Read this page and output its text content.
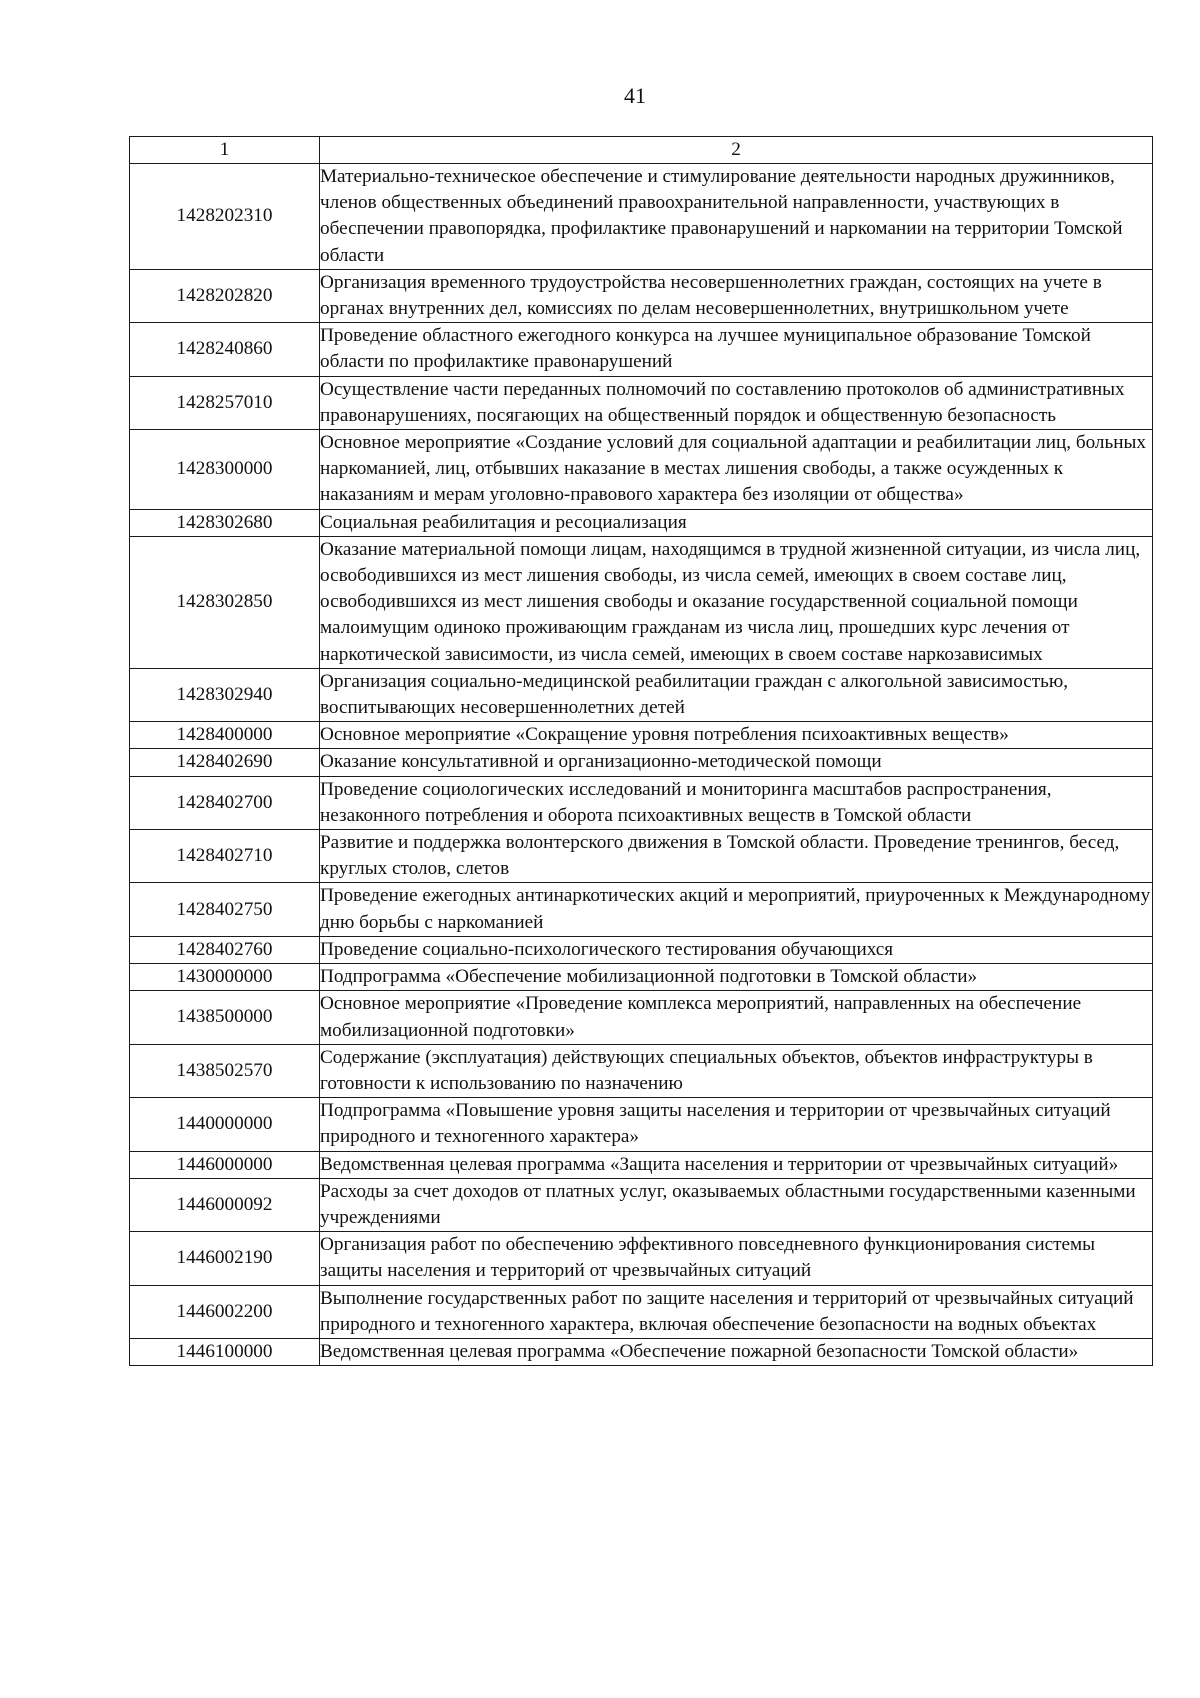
41
1	2
1428202310	Материально-техническое обеспечение и стимулирование деятельности народных дружинников, членов общественных объединений правоохранительной направленности, участвующих в обеспечении правопорядка, профилактике правонарушений и наркомании на территории Томской области
1428202820	Организация временного трудоустройства несовершеннолетних граждан, состоящих на учете в органах внутренних дел, комиссиях по делам несовершеннолетних, внутришкольном учете
1428240860	Проведение областного ежегодного конкурса на лучшее муниципальное образование Томской области по профилактике правонарушений
1428257010	Осуществление части переданных полномочий по составлению протоколов об административных правонарушениях, посягающих на общественный порядок и общественную безопасность
1428300000	Основное мероприятие «Создание условий для социальной адаптации и реабилитации лиц, больных наркоманией, лиц, отбывших наказание в местах лишения свободы, а также осужденных к наказаниям и мерам уголовно-правового характера без изоляции от общества»
1428302680	Социальная реабилитация и ресоциализация
1428302850	Оказание материальной помощи лицам, находящимся в трудной жизненной ситуации, из числа лиц, освободившихся из мест лишения свободы, из числа семей, имеющих в своем составе лиц, освободившихся из мест лишения свободы и оказание государственной социальной помощи малоимущим одиноко проживающим гражданам из числа лиц, прошедших курс лечения от наркотической зависимости, из числа семей, имеющих в своем составе наркозависимых
1428302940	Организация социально-медицинской реабилитации граждан с алкогольной зависимостью, воспитывающих несовершеннолетних детей
1428400000	Основное мероприятие «Сокращение уровня потребления психоактивных веществ»
1428402690	Оказание консультативной и организационно-методической помощи
1428402700	Проведение социологических исследований и мониторинга масштабов распространения, незаконного потребления и оборота психоактивных веществ в Томской области
1428402710	Развитие и поддержка волонтерского движения в Томской области. Проведение тренингов, бесед, круглых столов, слетов
1428402750	Проведение ежегодных антинаркотических акций и мероприятий, приуроченных к Международному дню борьбы с наркоманией
1428402760	Проведение социально-психологического тестирования обучающихся
1430000000	Подпрограмма «Обеспечение мобилизационной подготовки в Томской области»
1438500000	Основное мероприятие «Проведение комплекса мероприятий, направленных на обеспечение мобилизационной подготовки»
1438502570	Содержание (эксплуатация) действующих специальных объектов, объектов инфраструктуры в готовности к использованию по назначению
1440000000	Подпрограмма «Повышение уровня защиты населения и территории от чрезвычайных ситуаций природного и техногенного характера»
1446000000	Ведомственная целевая программа «Защита населения и территории от чрезвычайных ситуаций»
1446000092	Расходы за счет доходов от платных услуг, оказываемых областными государственными казенными учреждениями
1446002190	Организация работ по обеспечению эффективного повседневного функционирования системы защиты населения и территорий от чрезвычайных ситуаций
1446002200	Выполнение государственных работ по защите населения и территорий от чрезвычайных ситуаций природного и техногенного характера, включая обеспечение безопасности на водных объектах
1446100000	Ведомственная целевая программа «Обеспечение пожарной безопасности Томской области»
